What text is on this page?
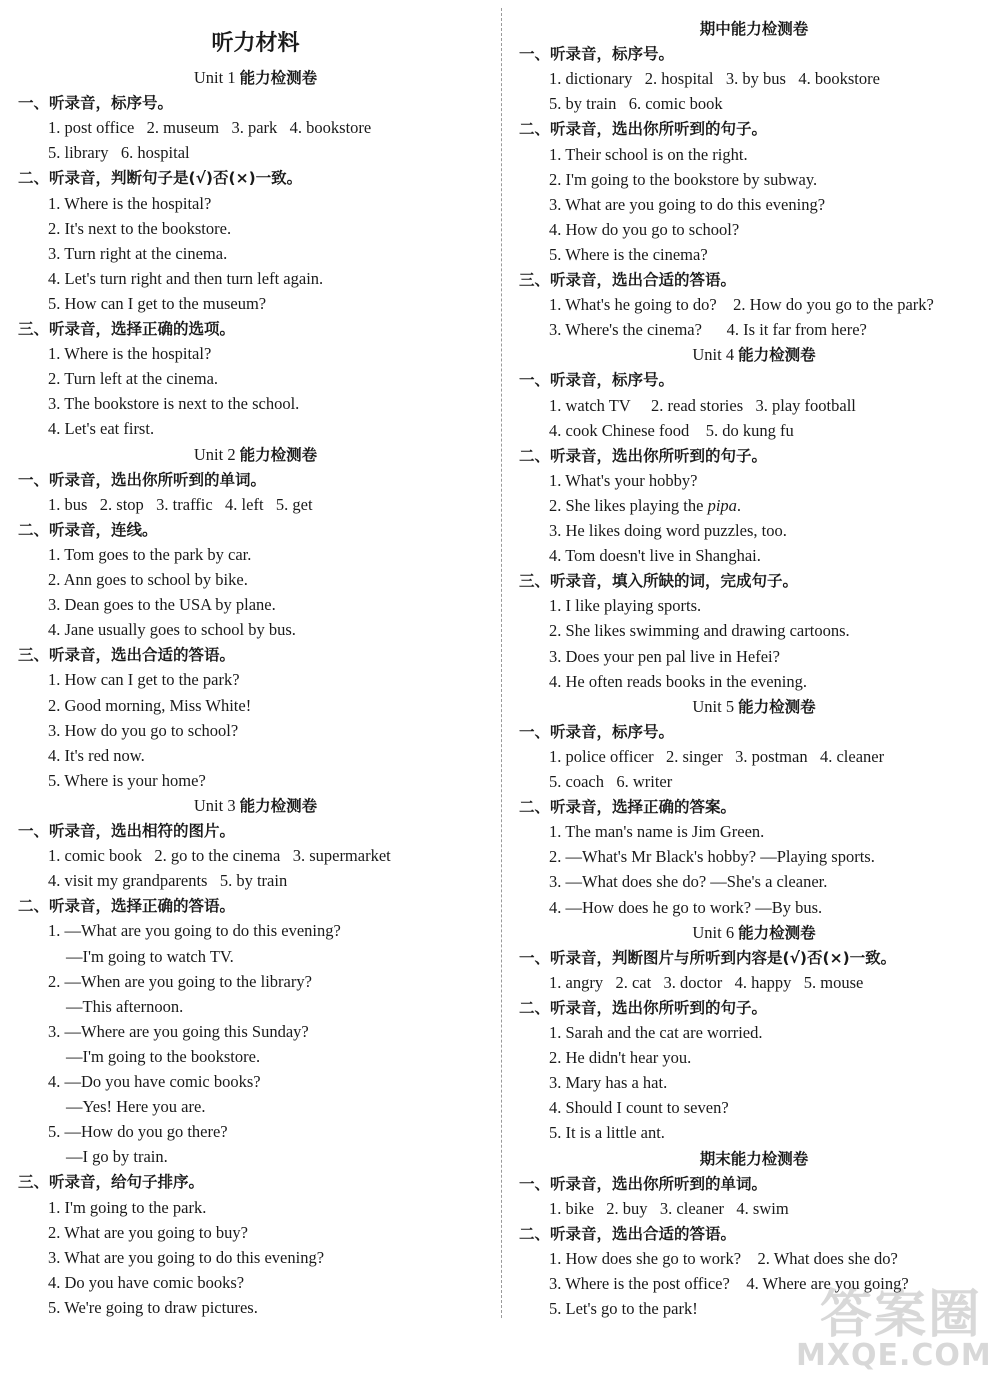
听力材料
Unit 1 能力检测卷
一、听录音，标序号。
1. post office   2. museum   3. park   4. bookstore
5. library   6. hospital
二、听录音，判断句子是(√)否(×)一致。
1. Where is the hospital?
2. It's next to the bookstore.
3. Turn right at the cinema.
4. Let's turn right and then turn left again.
5. How can I get to the museum?
三、听录音，选择正确的选项。
1. Where is the hospital?
2. Turn left at the cinema.
3. The bookstore is next to the school.
4. Let's eat first.
Unit 2 能力检测卷
一、听录音，选出你所听到的单词。
1. bus   2. stop   3. traffic   4. left   5. get
二、听录音，连线。
1. Tom goes to the park by car.
2. Ann goes to school by bike.
3. Dean goes to the USA by plane.
4. Jane usually goes to school by bus.
三、听录音，选出合适的答语。
1. How can I get to the park?
2. Good morning, Miss White!
3. How do you go to school?
4. It's red now.
5. Where is your home?
Unit 3 能力检测卷
一、听录音，选出相符的图片。
1. comic book   2. go to the cinema   3. supermarket
4. visit my grandparents   5. by train
二、听录音，选择正确的答语。
1. —What are you going to do this evening?
—I'm going to watch TV.
2. —When are you going to the library?
—This afternoon.
3. —Where are you going this Sunday?
—I'm going to the bookstore.
4. —Do you have comic books?
—Yes! Here you are.
5. —How do you go there?
—I go by train.
三、听录音，给句子排序。
1. I'm going to the park.
2. What are you going to buy?
3. What are you going to do this evening?
4. Do you have comic books?
5. We're going to draw pictures.
期中能力检测卷
一、听录音，标序号。
1. dictionary   2. hospital   3. by bus   4. bookstore
5. by train   6. comic book
二、听录音，选出你所听到的句子。
1. Their school is on the right.
2. I'm going to the bookstore by subway.
3. What are you going to do this evening?
4. How do you go to school?
5. Where is the cinema?
三、听录音，选出合适的答语。
1. What's he going to do?    2. How do you go to the park?
3. Where's the cinema?      4. Is it far from here?
Unit 4 能力检测卷
一、听录音，标序号。
1. watch TV     2. read stories   3. play football
4. cook Chinese food    5. do kung fu
二、听录音，选出你所听到的句子。
1. What's your hobby?
2. She likes playing the pipa.
3. He likes doing word puzzles, too.
4. Tom doesn't live in Shanghai.
三、听录音，填入所缺的词，完成句子。
1. I like playing sports.
2. She likes swimming and drawing cartoons.
3. Does your pen pal live in Hefei?
4. He often reads books in the evening.
Unit 5 能力检测卷
一、听录音，标序号。
1. police officer   2. singer   3. postman   4. cleaner
5. coach   6. writer
二、听录音，选择正确的答案。
1. The man's name is Jim Green.
2. —What's Mr Black's hobby? —Playing sports.
3. —What does she do? —She's a cleaner.
4. —How does he go to work? —By bus.
Unit 6 能力检测卷
一、听录音，判断图片与所听到内容是(√)否(×)一致。
1. angry   2. cat   3. doctor   4. happy   5. mouse
二、听录音，选出你所听到的句子。
1. Sarah and the cat are worried.
2. He didn't hear you.
3. Mary has a hat.
4. Should I count to seven?
5. It is a little ant.
期末能力检测卷
一、听录音，选出你所听到的单词。
1. bike   2. buy   3. cleaner   4. swim
二、听录音，选出合适的答语。
1. How does she go to work?    2. What does she do?
3. Where is the post office?    4. Where are you going?
5. Let's go to the park! 答案圈
MXQE.COM
